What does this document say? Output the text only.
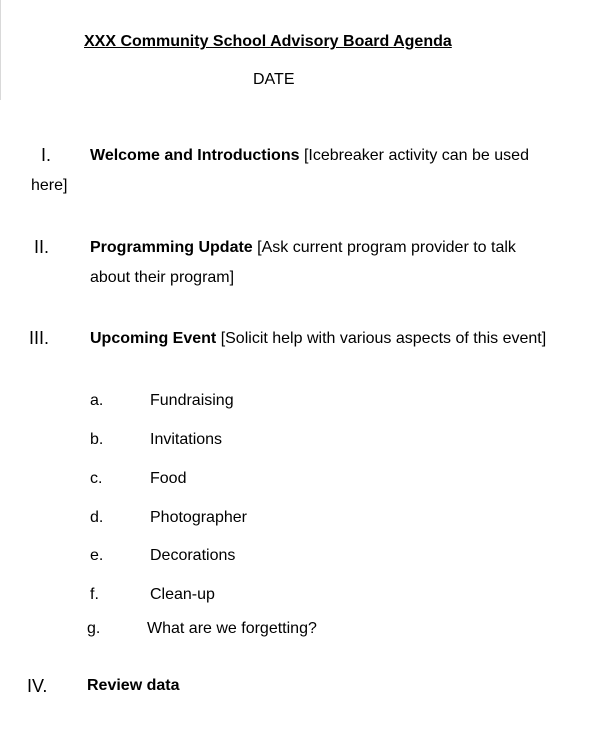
XXX Community School Advisory Board Agenda
DATE
I. Welcome and Introductions [Icebreaker activity can be used
here]
II.	Programming Update [Ask current program provider to talk
about their program]
III.	Upcoming Event [Solicit help with various aspects of this event]
a.	Fundraising
b.	Invitations
c.	Food
d.	Photographer
e.	Decorations
f.	Clean-up
g.	What are we forgetting?
IV. Review data
